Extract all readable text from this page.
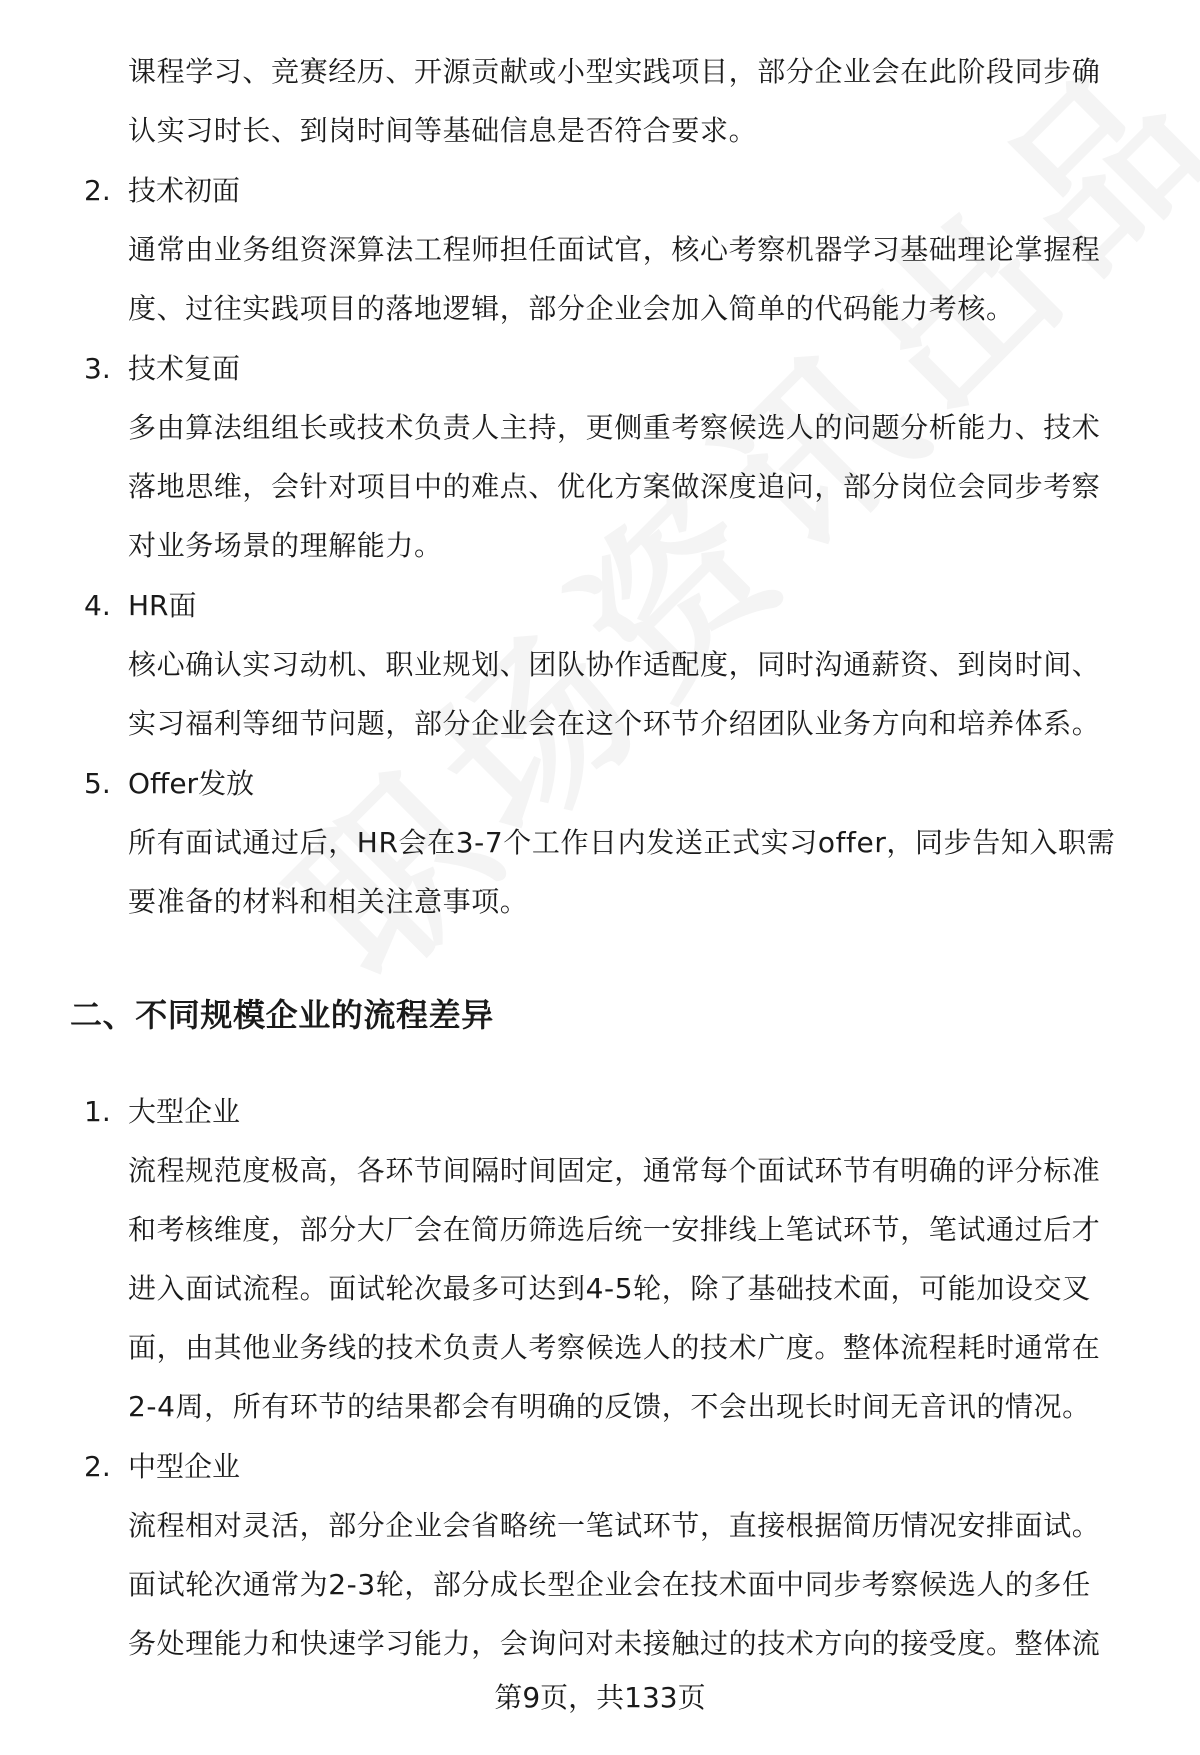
课程学习、竞赛经历、开源贡献或小型实践项目，部分企业会在此阶段同步确
认实习时长、到岗时间等基础信息是否符合要求。
2. 技术初面
通常由业务组资深算法工程师担任面试官，核心考察机器学习基础理论掌握程
度、过往实践项目的落地逻辑，部分企业会加入简单的代码能力考核。
3. 技术复面
多由算法组组长或技术负责人主持，更侧重考察候选人的问题分析能力、技术
落地思维，会针对项目中的难点、优化方案做深度追问，部分岗位会同步考察
对业务场景的理解能力。
4. HR面
核心确认实习动机、职业规划、团队协作适配度，同时沟通薪资、到岗时间、
实习福利等细节问题，部分企业会在这个环节介绍团队业务方向和培养体系。
5. Offer发放
所有面试通过后，HR会在3-7个工作日内发送正式实习offer，同步告知入职需
要准备的材料和相关注意事项。
二、不同规模企业的流程差异
1. 大型企业
流程规范度极高，各环节间隔时间固定，通常每个面试环节有明确的评分标准
和考核维度，部分大厂会在简历筛选后统一安排线上笔试环节，笔试通过后才
进入面试流程。面试轮次最多可达到4-5轮，除了基础技术面，可能加设交叉
面，由其他业务线的技术负责人考察候选人的技术广度。整体流程耗时通常在
2-4周，所有环节的结果都会有明确的反馈，不会出现长时间无音讯的情况。
2. 中型企业
流程相对灵活，部分企业会省略统一笔试环节，直接根据简历情况安排面试。
面试轮次通常为2-3轮，部分成长型企业会在技术面中同步考察候选人的多任
务处理能力和快速学习能力，会询问对未接触过的技术方向的接受度。整体流
第9页，共133页
